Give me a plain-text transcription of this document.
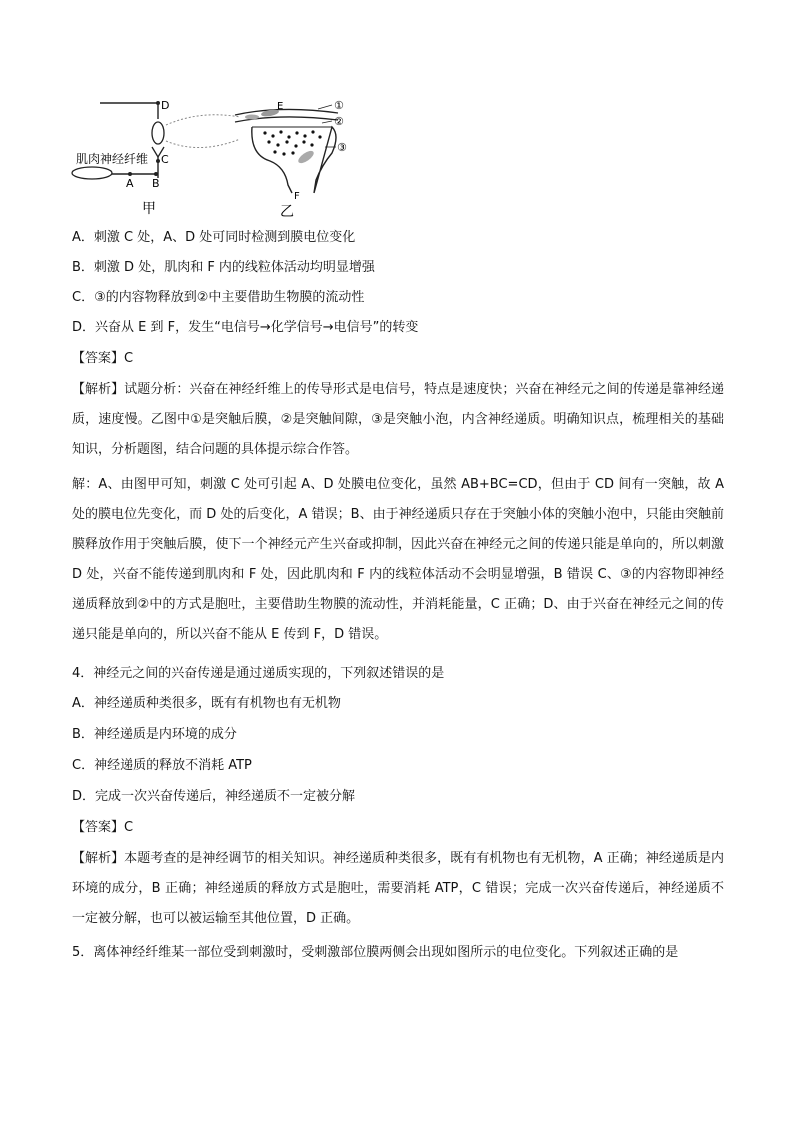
D
C
肌肉神经纤维
A B
甲
F
E	①
②
③
乙
A．刺激 C 处，A、D 处可同时检测到膜电位变化
B．刺激 D 处，肌肉和 F 内的线粒体活动均明显增强
C．③的内容物释放到②中主要借助生物膜的流动性
D．兴奋从 E 到 F，发生“电信号→化学信号→电信号”的转变
【答案】C
【解析】试题分析：兴奋在神经纤维上的传导形式是电信号，特点是速度快；兴奋在神经元之间的传递是靠神经递质，速度慢。乙图中①是突触后膜，②是突触间隙，③是突触小泡，内含神经递质。明确知识点，梳理相关的基础知识，分析题图，结合问题的具体提示综合作答。
解：A、由图甲可知，刺激 C 处可引起 A、D 处膜电位变化，虽然 AB+BC=CD，但由于 CD 间有一突触，故 A 处的膜电位先变化，而 D 处的后变化，A 错误；B、由于神经递质只存在于突触小体的突触小泡中，只能由突触前膜释放作用于突触后膜，使下一个神经元产生兴奋或抑制，因此兴奋在神经元之间的传递只能是单向的，所以刺激 D 处，兴奋不能传递到肌肉和 F 处，因此肌肉和 F 内的线粒体活动不会明显增强，B 错误 C、③的内容物即神经递质释放到②中的方式是胞吐，主要借助生物膜的流动性，并消耗能量，C 正确；D、由于兴奋在神经元之间的传递只能是单向的，所以兴奋不能从 E 传到 F，D 错误。
4．神经元之间的兴奋传递是通过递质实现的，下列叙述错误的是
A．神经递质种类很多，既有有机物也有无机物
B．神经递质是内环境的成分
C．神经递质的释放不消耗 ATP
D．完成一次兴奋传递后，神经递质不一定被分解
【答案】C
【解析】本题考查的是神经调节的相关知识。神经递质种类很多，既有有机物也有无机物，A 正确；神经递质是内环境的成分，B 正确；神经递质的释放方式是胞吐，需要消耗 ATP，C 错误；完成一次兴奋传递后，神经递质不一定被分解，也可以被运输至其他位置，D 正确。
5．离体神经纤维某一部位受到刺激时，受刺激部位膜两侧会出现如图所示的电位变化。下列叙述正确的是
